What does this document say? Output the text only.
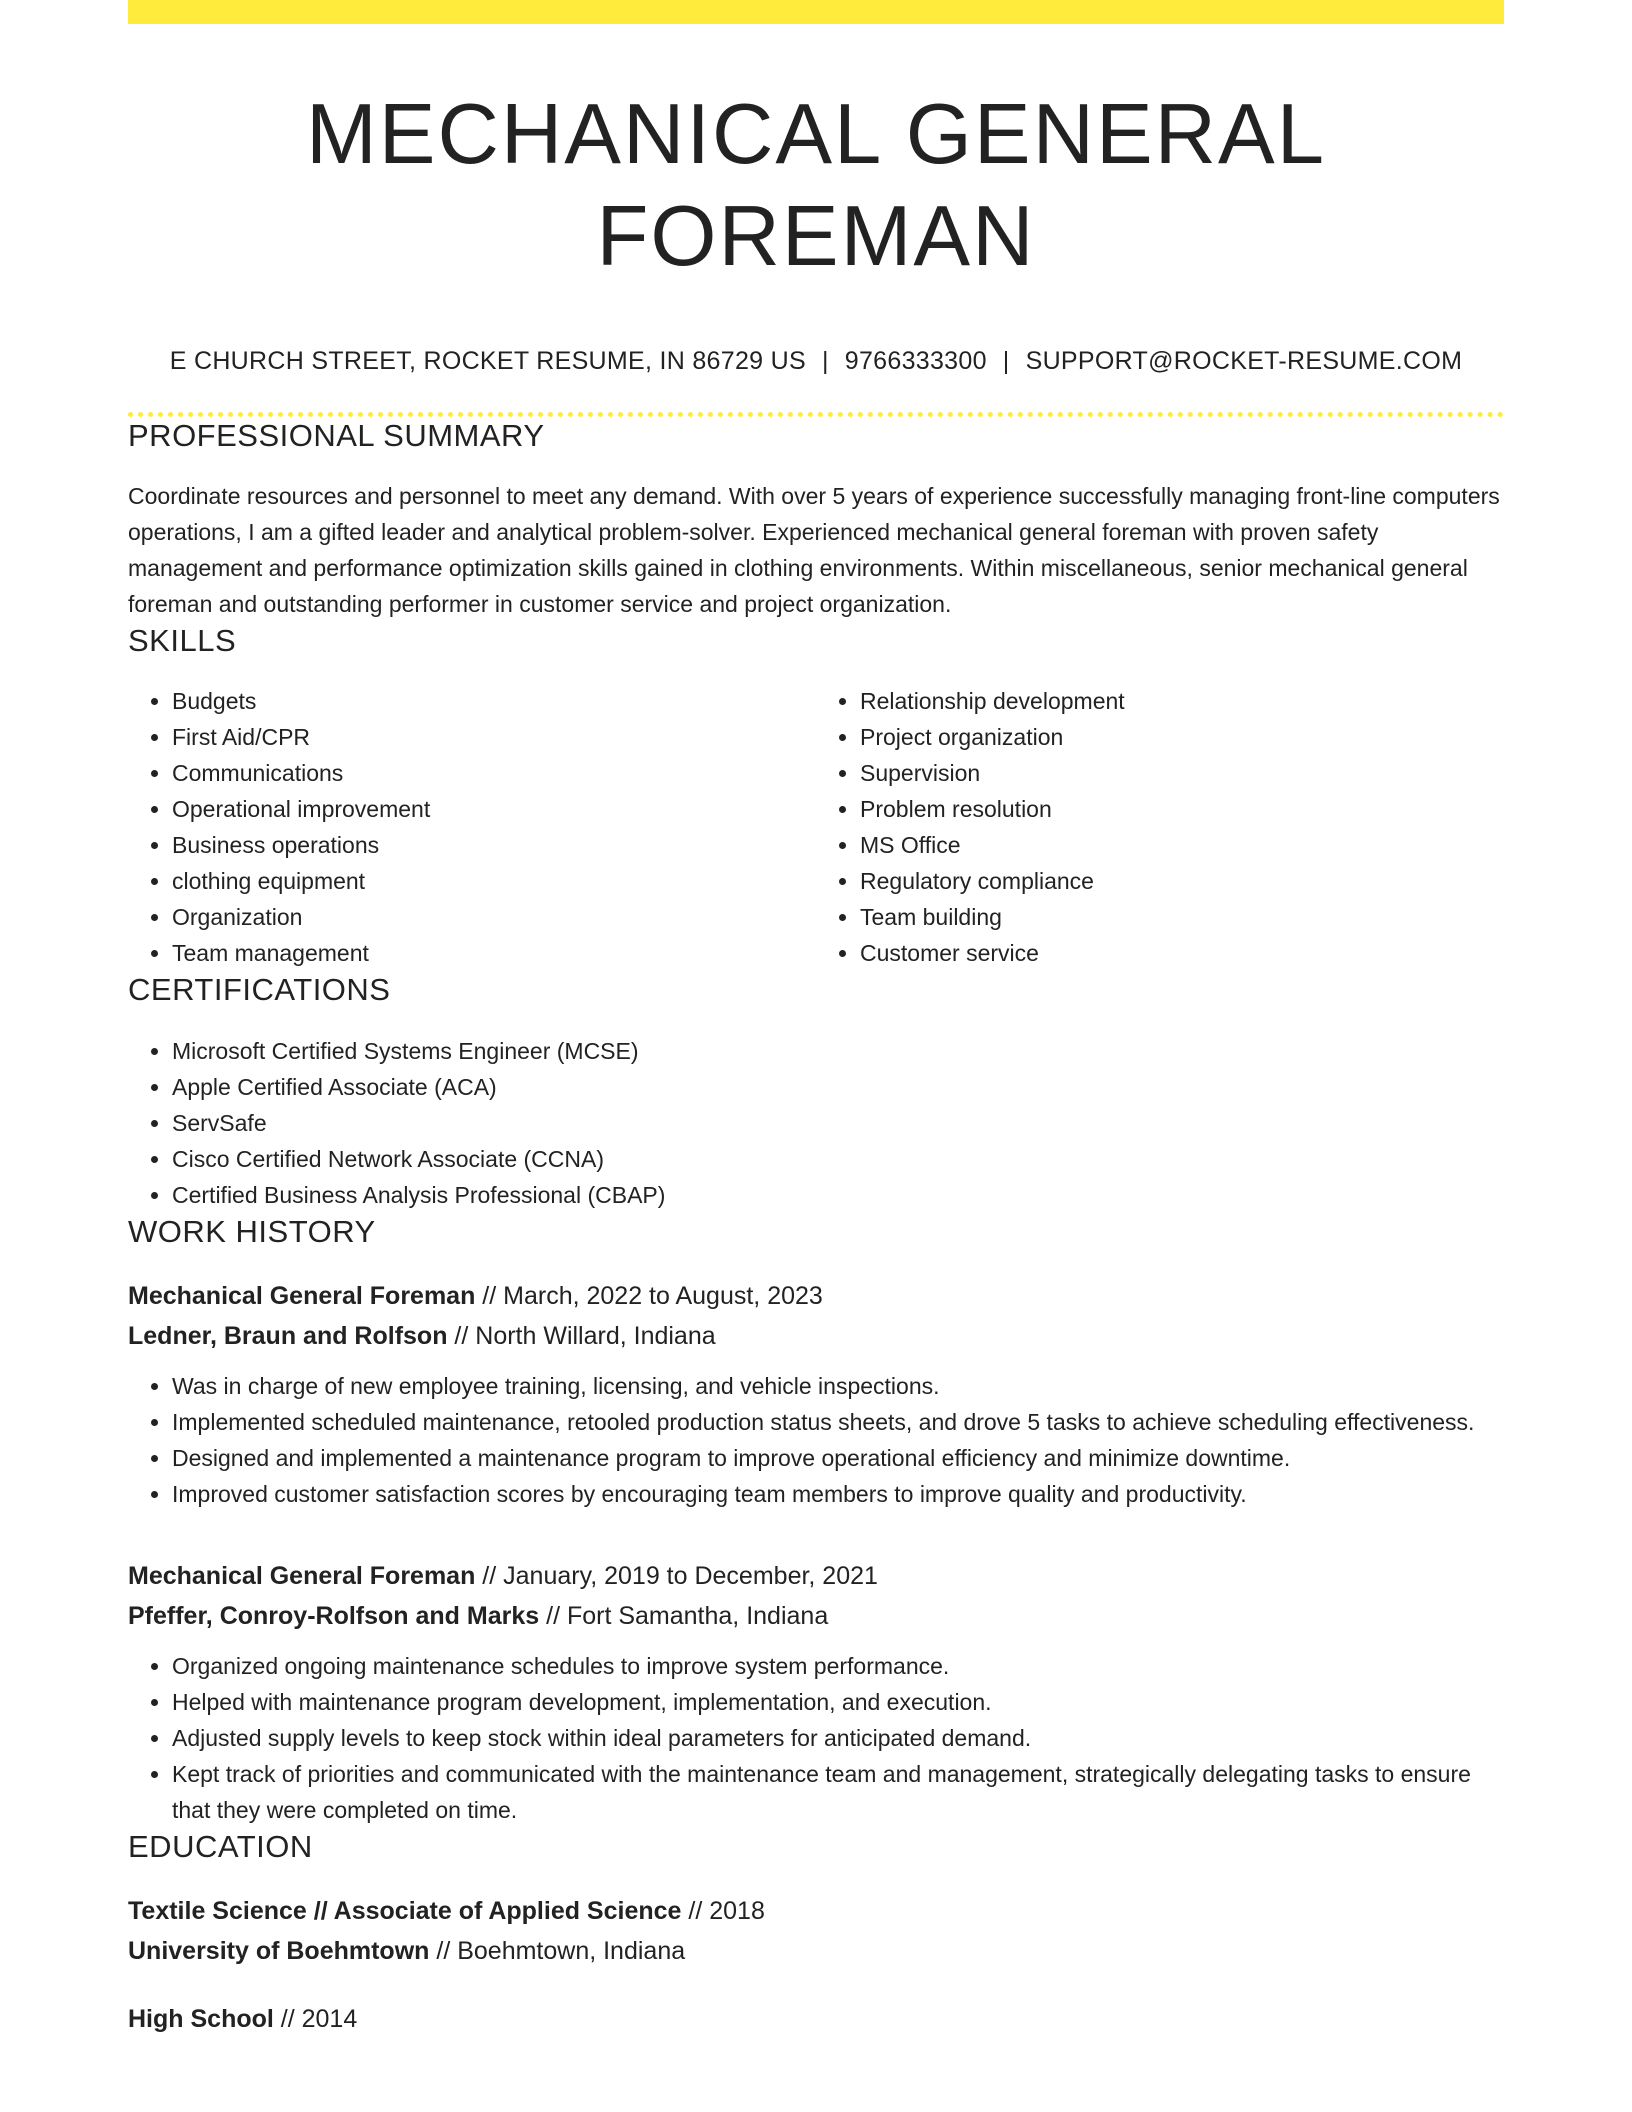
MECHANICAL GENERAL FOREMAN
E CHURCH STREET, ROCKET RESUME, IN 86729 US | 9766333300 | SUPPORT@ROCKET-RESUME.COM
PROFESSIONAL SUMMARY

Coordinate resources and personnel to meet any demand. With over 5 years of experience successfully managing front-line computers operations, I am a gifted leader and analytical problem-solver. Experienced mechanical general foreman with proven safety management and performance optimization skills gained in clothing environments. Within miscellaneous, senior mechanical general foreman and outstanding performer in customer service and project organization.

SKILLS
• Budgets
• First Aid/CPR
• Communications
• Operational improvement
• Business operations
• clothing equipment
• Organization
• Team management
• Relationship development
• Project organization
• Supervision
• Problem resolution
• MS Office
• Regulatory compliance
• Team building
• Customer service
CERTIFICATIONS
• Microsoft Certified Systems Engineer (MCSE)
• Apple Certified Associate (ACA)
• ServSafe
• Cisco Certified Network Associate (CCNA)
• Certified Business Analysis Professional (CBAP)
WORK HISTORY
Mechanical General Foreman // March, 2022 to August, 2023
Ledner, Braun and Rolfson // North Willard, Indiana
• Was in charge of new employee training, licensing, and vehicle inspections.
• Implemented scheduled maintenance, retooled production status sheets, and drove 5 tasks to achieve scheduling effectiveness.
• Designed and implemented a maintenance program to improve operational efficiency and minimize downtime.
• Improved customer satisfaction scores by encouraging team members to improve quality and productivity.
Mechanical General Foreman // January, 2019 to December, 2021
Pfeffer, Conroy-Rolfson and Marks // Fort Samantha, Indiana
• Organized ongoing maintenance schedules to improve system performance.
• Helped with maintenance program development, implementation, and execution.
• Adjusted supply levels to keep stock within ideal parameters for anticipated demand.
• Kept track of priorities and communicated with the maintenance team and management, strategically delegating tasks to ensure that they were completed on time.
EDUCATION
Textile Science // Associate of Applied Science // 2018
University of Boehmtown // Boehmtown, Indiana
High School // 2014
